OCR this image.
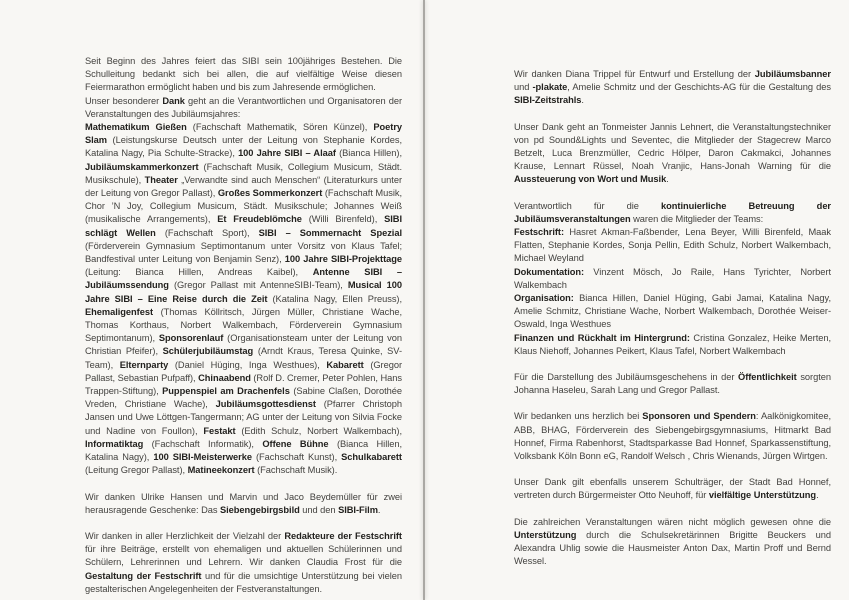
Seit Beginn des Jahres feiert das SIBI sein 100jähriges Bestehen. Die Schulleitung bedankt sich bei allen, die auf vielfältige Weise diesen Feiermarathon ermöglicht haben und bis zum Jahresende ermöglichen.

Unser besonderer Dank geht an die Verantwortlichen und Organisatoren der Veranstaltungen des Jubiläumsjahres:

Mathematikum Gießen (Fachschaft Mathematik, Sören Künzel), Poetry Slam (Leistungskurse Deutsch unter der Leitung von Stephanie Kordes, Katalina Nagy, Pia Schulte-Stracke), 100 Jahre SIBI – Alaaf (Bianca Hillen), Jubiläumskammerkonzert (Fachschaft Musik, Collegium Musicum, Städt. Musikschule), Theater „Verwandte sind auch Menschen“ (Literaturkurs unter der Leitung von Gregor Pallast), Großes Sommerkonzert (Fachschaft Musik, Chor ’N Joy, Collegium Musicum, Städt. Musikschule; Johannes Weiß (musikalische Arrangements), Et Freudeblömche (Willi Birenfeld), SIBI schlägt Wellen (Fachschaft Sport), SIBI – Sommernacht Spezial (Förderverein Gymnasium Septimontanum unter Vorsitz von Klaus Tafel; Bandfestival unter Leitung von Benjamin Senz), 100 Jahre SIBI-Projekttage (Leitung: Bianca Hillen, Andreas Kaibel), Antenne SIBI – Jubiläumssendung (Gregor Pallast mit AntenneSIBI-Team), Musical 100 Jahre SIBI – Eine Reise durch die Zeit (Katalina Nagy, Ellen Preuss), Ehemaligenfest (Thomas Köllritsch, Jürgen Müller, Christiane Wache, Thomas Korthaus, Norbert Walkembach, Förderverein Gymnasium Septimontanum), Sponsorenlauf (Organisationsteam unter der Leitung von Christian Pfeifer), Schülerjubiläumstag (Arndt Kraus, Teresa Quinke, SV-Team), Elternparty (Daniel Hüging, Inga Westhues), Kabarett (Gregor Pallast, Sebastian Pufpaff), Chinaabend (Rolf D. Cremer, Peter Pohlen, Hans Trappen-Stiftung), Puppenspiel am Drachenfels (Sabine Claßen, Dorothée Vreden, Christiane Wache), Jubiläumsgottesdienst (Pfarrer Christoph Jansen und Uwe Löttgen-Tangermann; AG unter der Leitung von Silvia Focke und Nadine von Foullon), Festakt (Edith Schulz, Norbert Walkembach), Informatiktag (Fachschaft Informatik), Offene Bühne (Bianca Hillen, Katalina Nagy), 100 SIBI-Meisterwerke (Fachschaft Kunst), Schulkabarett (Leitung Gregor Pallast), Matineekonzert (Fachschaft Musik).

Wir danken Ulrike Hansen und Marvin und Jaco Beydemüller für zwei herausragende Geschenke: Das Siebengebirgsbild und den SIBI-Film.

Wir danken in aller Herzlichkeit der Vielzahl der Redakteure der Festschrift für ihre Beiträge, erstellt von ehemaligen und aktuellen Schülerinnen und Schülern, Lehrerinnen und Lehrern. Wir danken Claudia Frost für die Gestaltung der Festschrift und für die umsichtige Unterstützung bei vielen gestalterischen Angelegenheiten der Festveranstaltungen.

Wir danken Diana Trippel für Entwurf und Erstellung der Jubiläumsbanner und -plakate, Amelie Schmitz und der Geschichts-AG für die Gestaltung des SIBI-Zeitstrahls.

Unser Dank geht an Tonmeister Jannis Lehnert, die Veranstaltungstechniker von pd Sound&Lights und Seventec, die Mitglieder der Stagecrew Marco Betzelt, Luca Brenzmüller, Cedric Hölper, Daron Cakmakci, Johannes Krause, Lennart Rüssel, Noah Vranjic, Hans-Jonah Warning für die Aussteuerung von Wort und Musik.

Verantwortlich für die kontinuierliche Betreuung der Jubiläumsveranstaltungen waren die Mitglieder der Teams:

Festschrift: Hasret Akman-Faßbender, Lena Beyer, Willi Birenfeld, Maak Flatten, Stephanie Kordes, Sonja Pellin, Edith Schulz, Norbert Walkembach, Michael Weyland

Dokumentation: Vinzent Mösch, Jo Raile, Hans Tyrichter, Norbert Walkembach

Organisation: Bianca Hillen, Daniel Hüging, Gabi Jamai, Katalina Nagy, Amelie Schmitz, Christiane Wache, Norbert Walkembach, Dorothée Weiser-Oswald, Inga Westhues

Finanzen und Rückhalt im Hintergrund: Cristina Gonzalez, Heike Merten, Klaus Niehoff, Johannes Peikert, Klaus Tafel, Norbert Walkembach

Für die Darstellung des Jubiläumsgeschehens in der Öffentlichkeit sorgten Johanna Haseleu, Sarah Lang und Gregor Pallast.

Wir bedanken uns herzlich bei Sponsoren und Spendern: Aalkönigkomitee, ABB, BHAG, Förderverein des Siebengebirgsgymnasiums, Hitmarkt Bad Honnef, Firma Rabenhorst, Stadtsparkasse Bad Honnef, Sparkassenstiftung, Volksbank Köln Bonn eG, Randolf Welsch , Chris Wienands, Jürgen Wirtgen.

Unser Dank gilt ebenfalls unserem Schulträger, der Stadt Bad Honnef, vertreten durch Bürgermeister Otto Neuhoff, für vielfältige Unterstützung.

Die zahlreichen Veranstaltungen wären nicht möglich gewesen ohne die Unterstützung durch die Schulsekretärinnen Brigitte Beuckers und Alexandra Uhlig sowie die Hausmeister Anton Dax, Martin Proff und Bernd Wessel.
